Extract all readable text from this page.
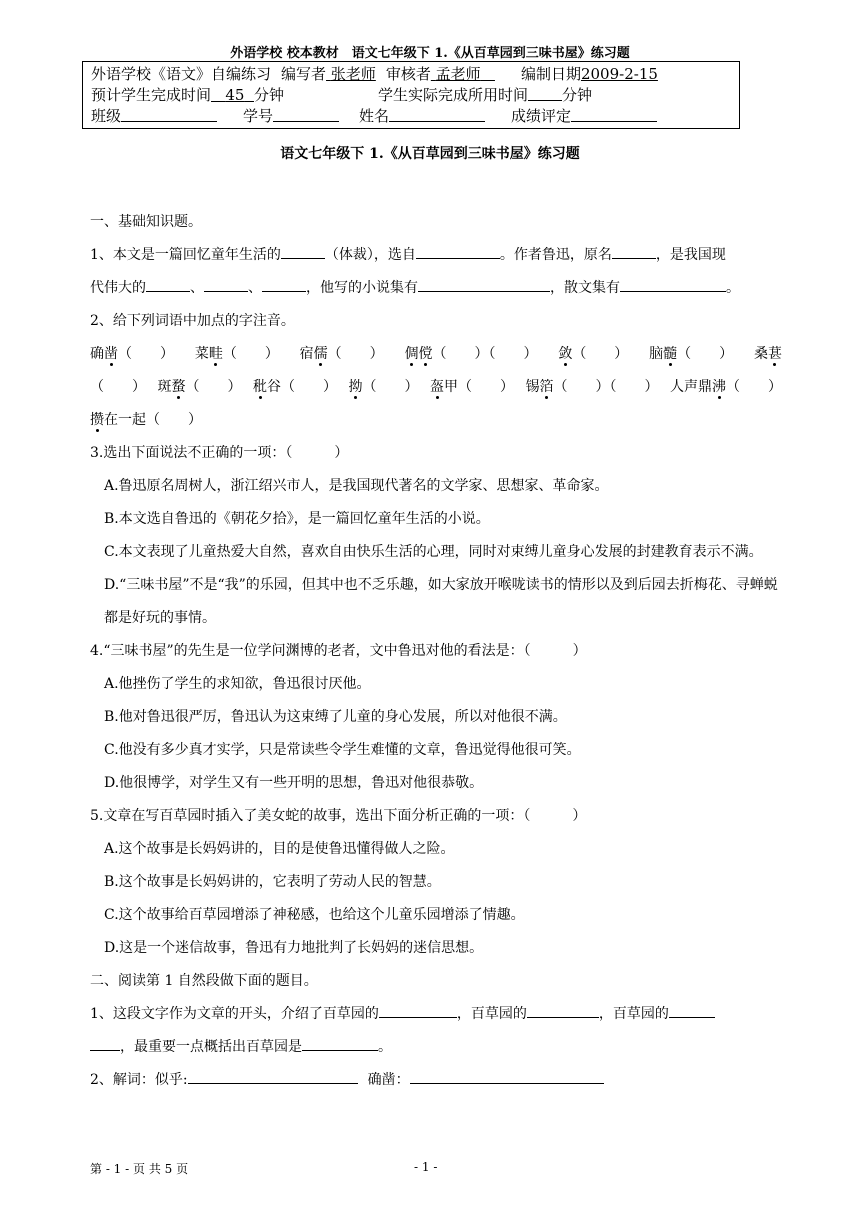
外语学校 校本教材　语文七年级下 1.《从百草园到三味书屋》练习题
外语学校《语文》自编练习 编写者 张老师 审核者 孟老师	编制日期 2009-2-15
预计学生完成时间 45 分钟	学生实际完成所用时间 分钟
班级	学号	姓名	成绩评定
语文七年级下 1.《从百草园到三味书屋》练习题

一、基础知识题。

1、本文是一篇回忆童年生活的	（体裁），选自	。作者鲁迅，原名	，是我国现

代伟大的	、	、	，他写的小说集有	，散文集有	。

2、给下列词语中加点的字注音。

确凿（　　） 菜畦（　　） 宿儒（　　） 倜傥（　　）（　　） 敛（　　） 脑髓（　　） 桑葚
（　　） 斑蝥（　　） 秕谷（　　） 拗（　　） 盔甲（　　） 锡箔（　　）（　　） 人声鼎沸（　　）

攒在一起（　　）

3.选出下面说法不正确的一项：（　　　）

A.鲁迅原名周树人，浙江绍兴市人，是我国现代著名的文学家、思想家、革命家。

B.本文选自鲁迅的《朝花夕拾》，是一篇回忆童年生活的小说。

C.本文表现了儿童热爱大自然，喜欢自由快乐生活的心理，同时对束缚儿童身心发展的封建教育表示不满。

D.“三味书屋”不是“我”的乐园，但其中也不乏乐趣，如大家放开喉咙读书的情形以及到后园去折梅花、寻蝉蜕都是好玩的事情。

4.“三味书屋”的先生是一位学问渊博的老者，文中鲁迅对他的看法是：（　　　）

A.他挫伤了学生的求知欲，鲁迅很讨厌他。

B.他对鲁迅很严厉，鲁迅认为这束缚了儿童的身心发展，所以对他很不满。

C.他没有多少真才实学，只是常读些令学生难懂的文章，鲁迅觉得他很可笑。

D.他很博学，对学生又有一些开明的思想，鲁迅对他很恭敬。

5.文章在写百草园时插入了美女蛇的故事，选出下面分析正确的一项：（　　　）

A.这个故事是长妈妈讲的，目的是使鲁迅懂得做人之险。

B.这个故事是长妈妈讲的，它表明了劳动人民的智慧。

C.这个故事给百草园增添了神秘感，也给这个儿童乐园增添了情趣。

D.这是一个迷信故事，鲁迅有力地批判了长妈妈的迷信思想。

二、阅读第 1 自然段做下面的题目。

1、这段文字作为文章的开头，介绍了百草园的	，百草园的	，百草园的

，最重要一点概括出百草园是	。

2、解词：似乎:	确凿：

第 - 1 - 页 共 5 页	- 1 -
